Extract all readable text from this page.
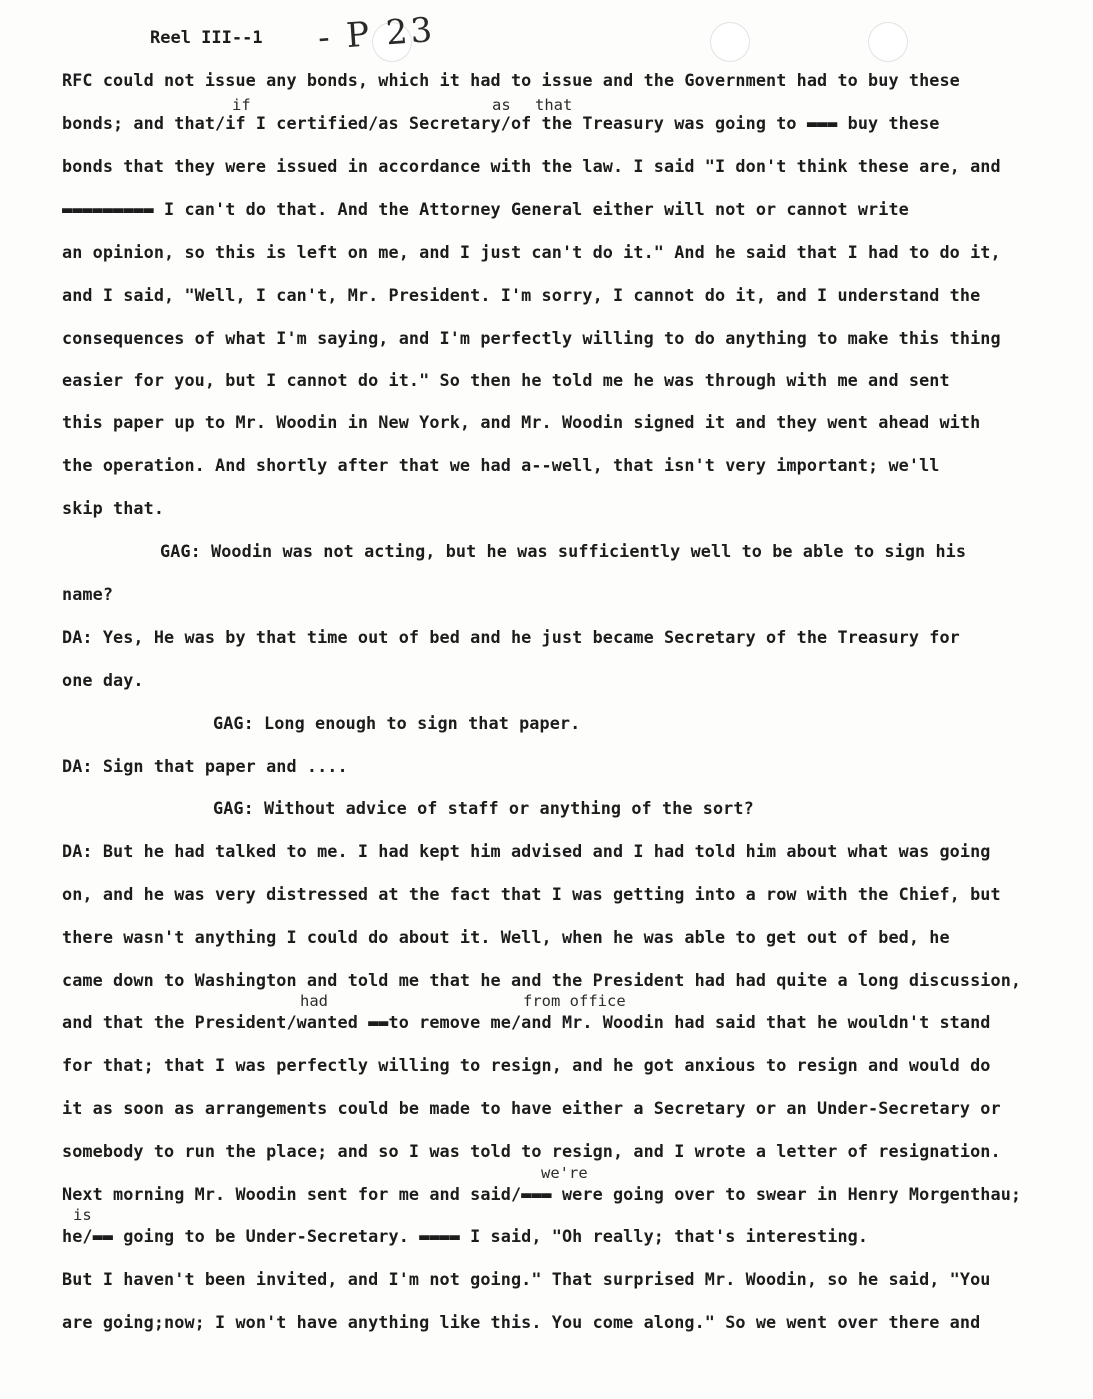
Reel III--1 - P 23
if	as that
had	from office
we're
is
RFC could not issue any bonds, which it had to issue and the Government had to buy these
bonds; and that/if I certified/as Secretary/of the Treasury was going to ▬▬▬ buy these
bonds that they were issued in accordance with the law. I said "I don't think these are, and
▬▬▬▬▬▬▬▬▬ I can't do that. And the Attorney General either will not or cannot write
an opinion, so this is left on me, and I just can't do it." And he said that I had to do it,
and I said, "Well, I can't, Mr. President. I'm sorry, I cannot do it, and I understand the
consequences of what I'm saying, and I'm perfectly willing to do anything to make this thing
easier for you, but I cannot do it." So then he told me he was through with me and sent
this paper up to Mr. Woodin in New York, and Mr. Woodin signed it and they went ahead with
the operation. And shortly after that we had a--well, that isn't very important; we'll
skip that.
GAG: Woodin was not acting, but he was sufficiently well to be able to sign his
name?
DA: Yes, He was by that time out of bed and he just became Secretary of the Treasury for
one day.
GAG: Long enough to sign that paper.
DA: Sign that paper and ....
GAG: Without advice of staff or anything of the sort?
DA: But he had talked to me. I had kept him advised and I had told him about what was going
on, and he was very distressed at the fact that I was getting into a row with the Chief, but
there wasn't anything I could do about it. Well, when he was able to get out of bed, he
came down to Washington and told me that he and the President had had quite a long discussion,
and that the President/wanted ▬▬to remove me/and Mr. Woodin had said that he wouldn't stand
for that; that I was perfectly willing to resign, and he got anxious to resign and would do
it as soon as arrangements could be made to have either a Secretary or an Under-Secretary or
somebody to run the place; and so I was told to resign, and I wrote a letter of resignation.
Next morning Mr. Woodin sent for me and said/▬▬▬ were going over to swear in Henry Morgenthau;
he/▬▬ going to be Under-Secretary. ▬▬▬▬ I said, "Oh really; that's interesting.
But I haven't been invited, and I'm not going." That surprised Mr. Woodin, so he said, "You
are going;now; I won't have anything like this. You come along." So we went over there and
